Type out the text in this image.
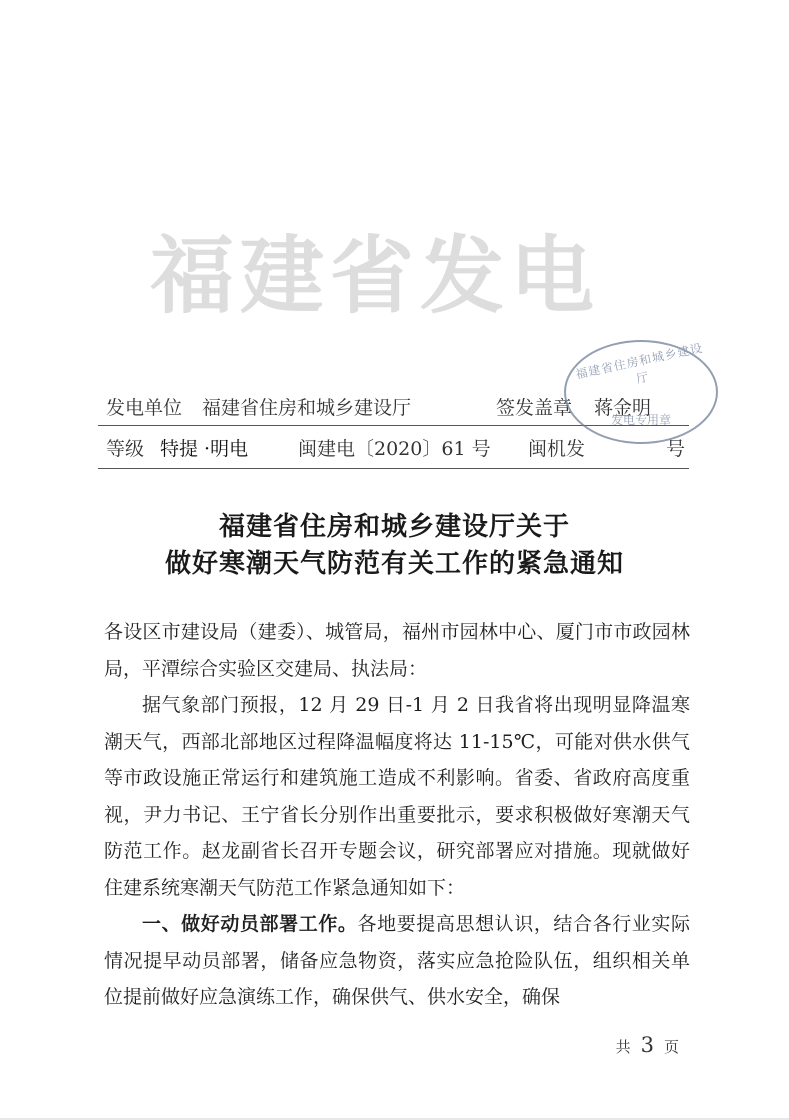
福建省发电
发电单位 福建省住房和城乡建设厅	签发盖章 蒋金明
等级 特提 ·明电	闽建电〔2020〕61 号 闽机发	号
福建省住房和城乡建设厅
发电专用章
福建省住房和城乡建设厅关于
做好寒潮天气防范有关工作的紧急通知

各设区市建设局（建委）、城管局，福州市园林中心、厦门市市政园林局，平潭综合实验区交建局、执法局：

据气象部门预报，12 月 29 日-1 月 2 日我省将出现明显降温寒潮天气，西部北部地区过程降温幅度将达 11-15℃，可能对供水供气等市政设施正常运行和建筑施工造成不利影响。省委、省政府高度重视，尹力书记、王宁省长分别作出重要批示，要求积极做好寒潮天气防范工作。赵龙副省长召开专题会议，研究部署应对措施。现就做好住建系统寒潮天气防范工作紧急通知如下：

一、做好动员部署工作。各地要提高思想认识，结合各行业实际情况提早动员部署，储备应急物资，落实应急抢险队伍，组织相关单位提前做好应急演练工作，确保供气、供水安全，确保

共 3 页
